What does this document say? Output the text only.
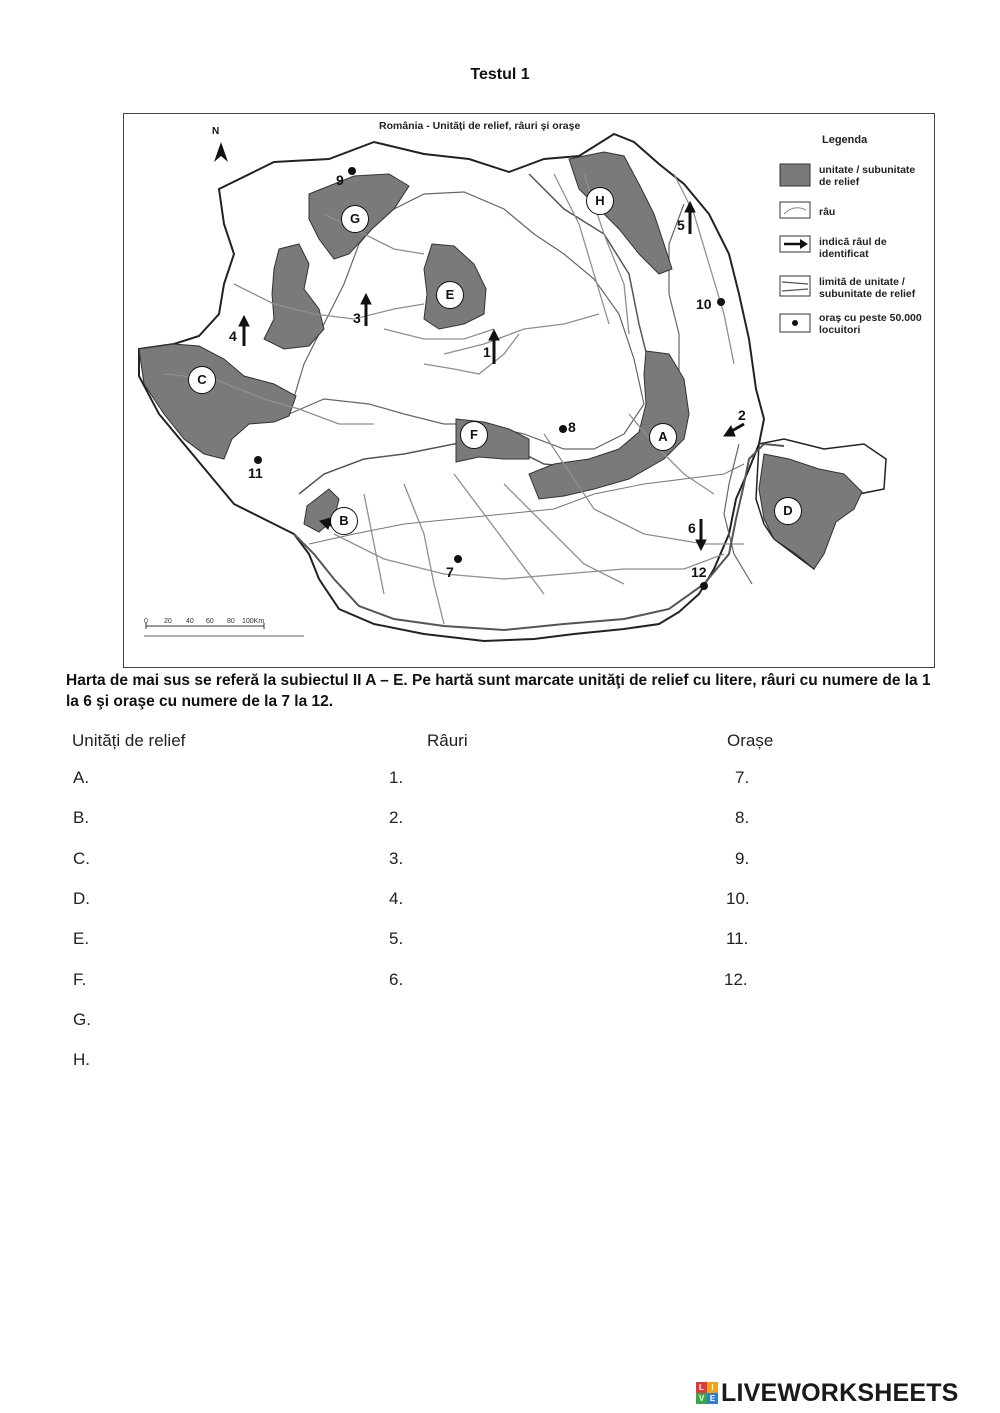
Testul 1
România - Unități de relief, râuri şi oraşe
N
Legenda
unitate / subunitate de relief
râu
indică râul de identificat
limită de unitate / subunitate de relief
oraş cu peste 50.000 locuitori
A
B
C
D
E
F
G
H
1
2
3
4
5
6
7
8
9
10
11
12
0 20 40 60 80 100Km
Harta de mai sus se referă la subiectul II A – E. Pe hartă sunt marcate unităţi de relief cu litere, râuri cu numere de la 1 la 6 şi oraşe cu numere de la 7 la 12.
Unități de relief	Râuri	Orașe
A.
B.
C.
D.
E.
F.
G.
H.
1.
2.
3.
4.
5.
6.
7.
8.
9.
10.
11.
12.
L I
V E LIVEWORKSHEETS
